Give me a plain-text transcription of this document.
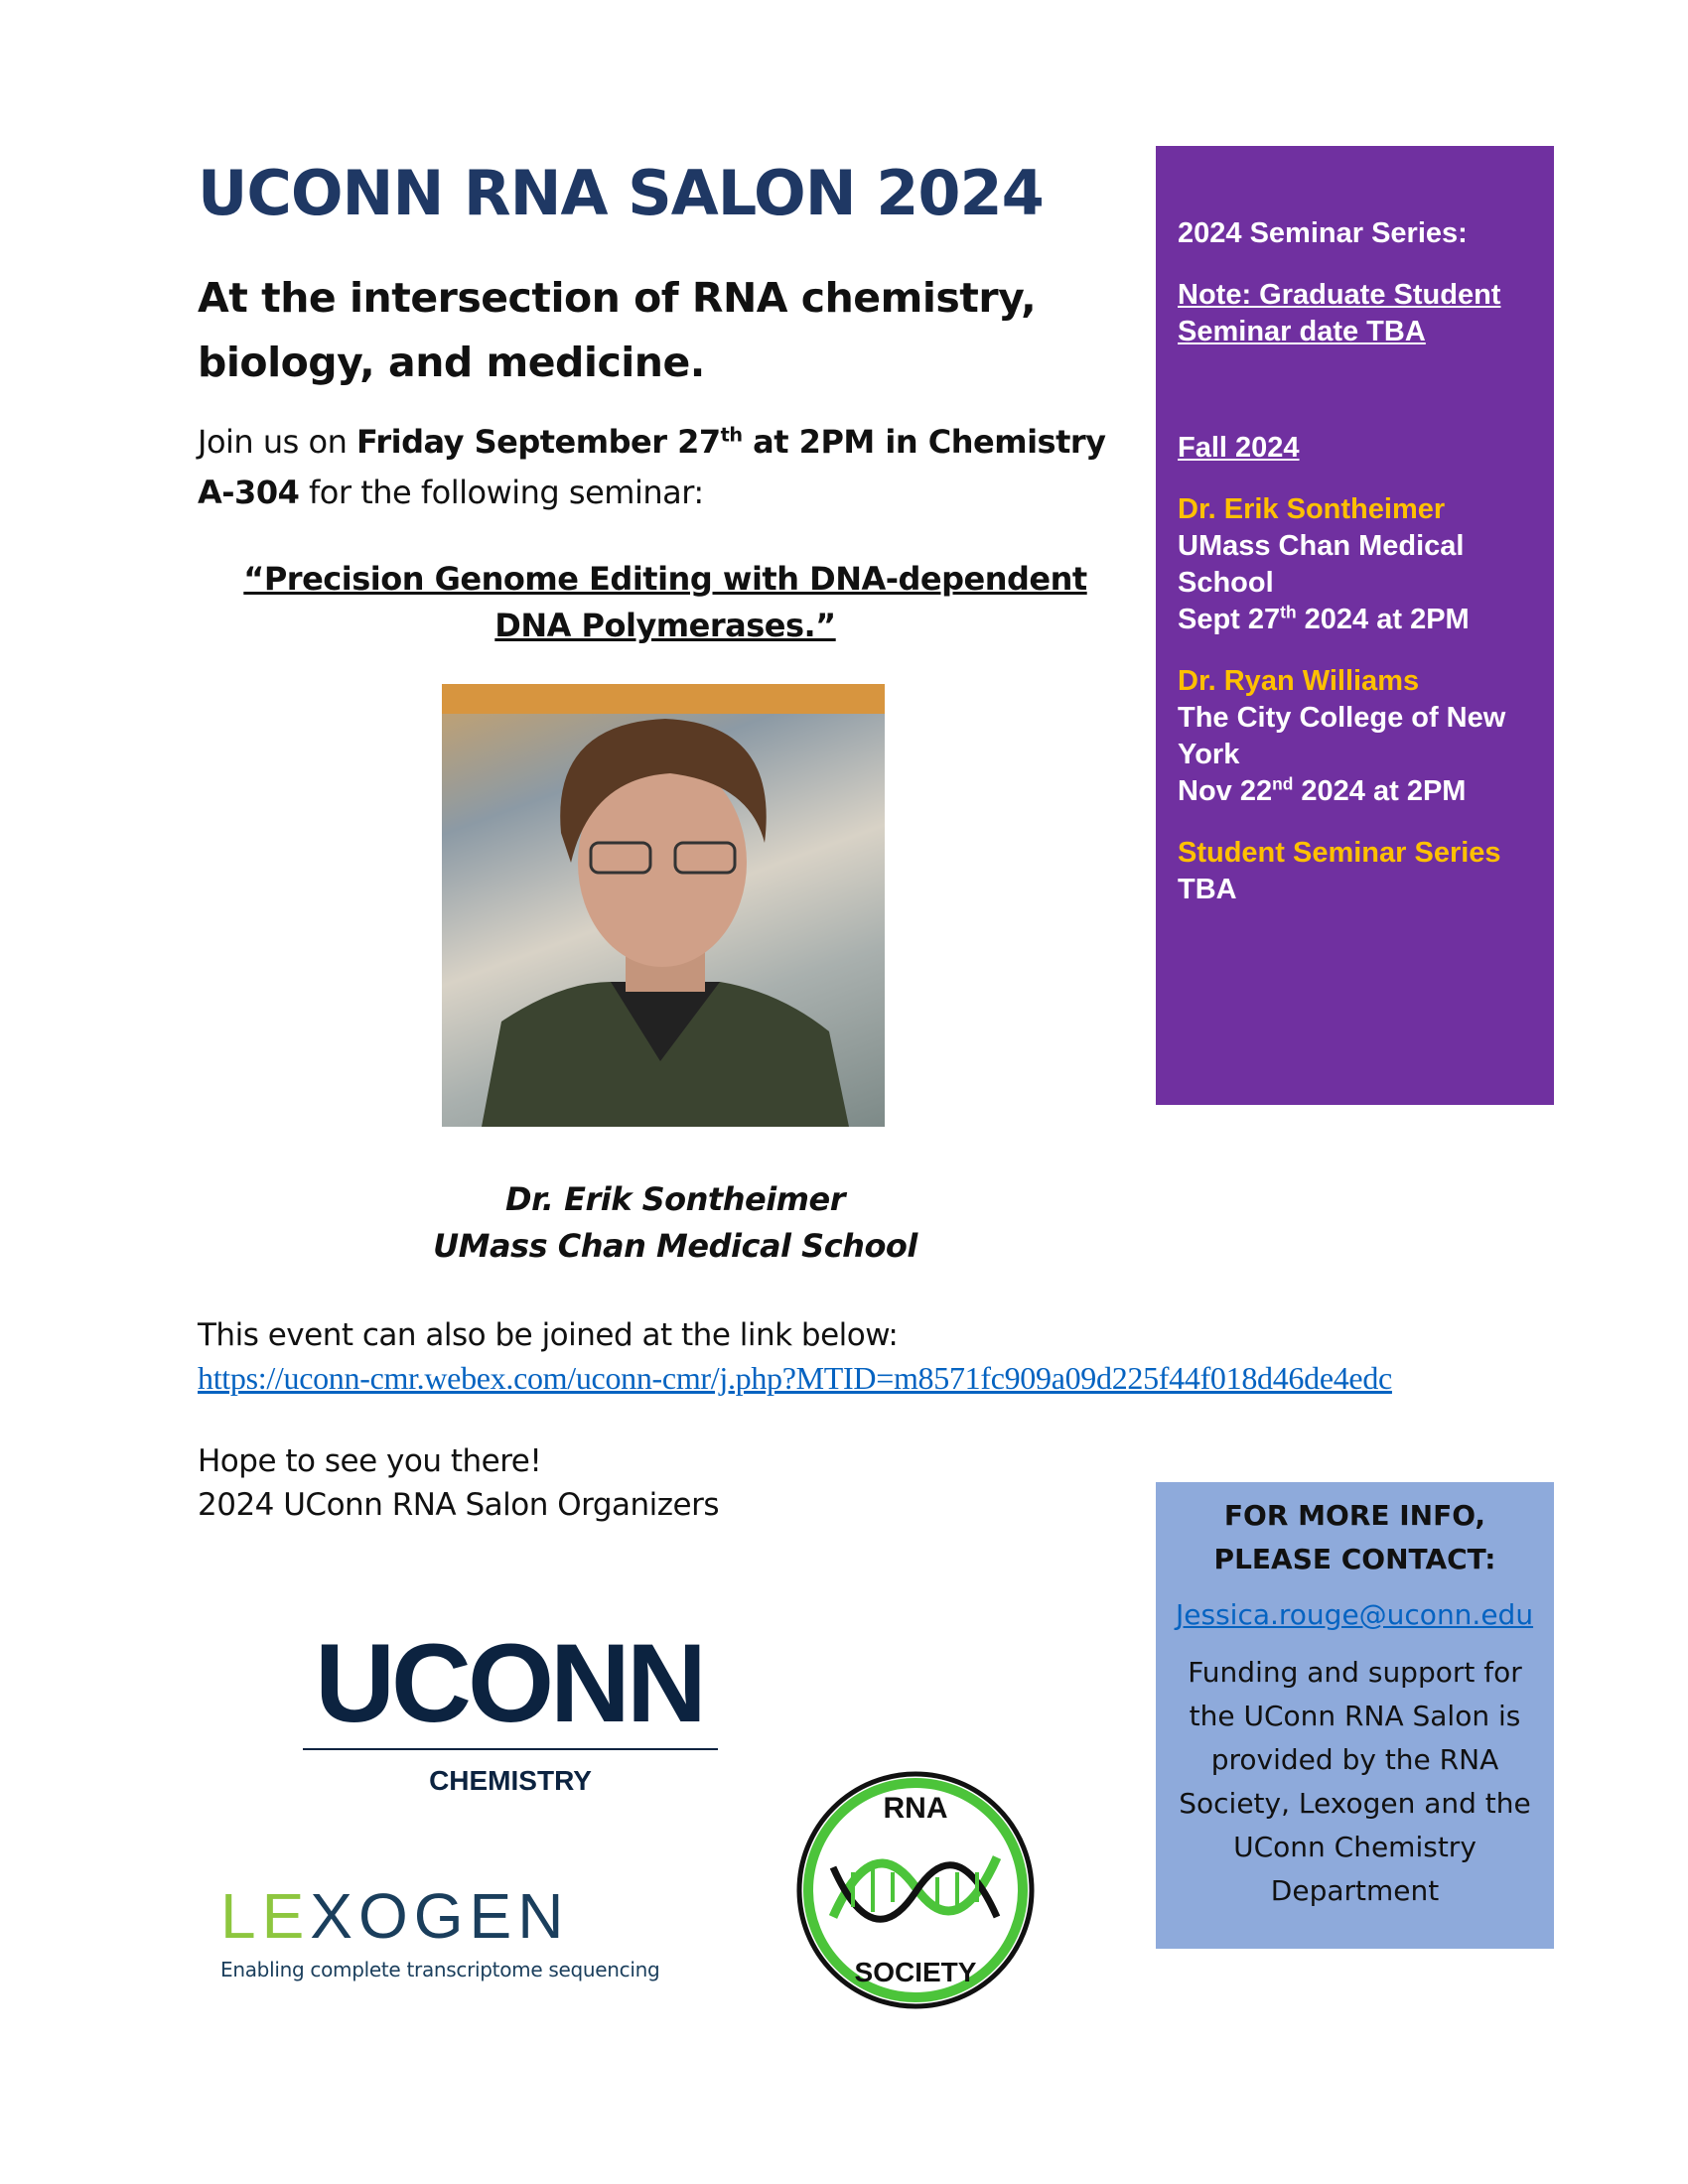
UCONN RNA SALON 2024
At the intersection of RNA chemistry, biology, and medicine.
Join us on Friday September 27th at 2PM in Chemistry A-304 for the following seminar:
“Precision Genome Editing with DNA-dependent DNA Polymerases.”
Dr. Erik Sontheimer
UMass Chan Medical School
This event can also be joined at the link below:
https://uconn-cmr.webex.com/uconn-cmr/j.php?MTID=m8571fc909a09d225f44f018d46de4edc
Hope to see you there!
2024 UConn RNA Salon Organizers

2024 Seminar Series:

Note: Graduate Student Seminar date TBA

Fall 2024

Dr. Erik Sontheimer
UMass Chan Medical School
Sept 27th 2024 at 2PM

Dr. Ryan Williams
The City College of New York
Nov 22nd 2024 at 2PM

Student Seminar Series
TBA

FOR MORE INFO,
PLEASE CONTACT:
Jessica.rouge@uconn.edu
Funding and support for the UConn RNA Salon is provided by the RNA Society, Lexogen and the UConn Chemistry Department
UCONN
CHEMISTRY
LEXOGEN
Enabling complete transcriptome sequencing
RNA
SOCIETY
